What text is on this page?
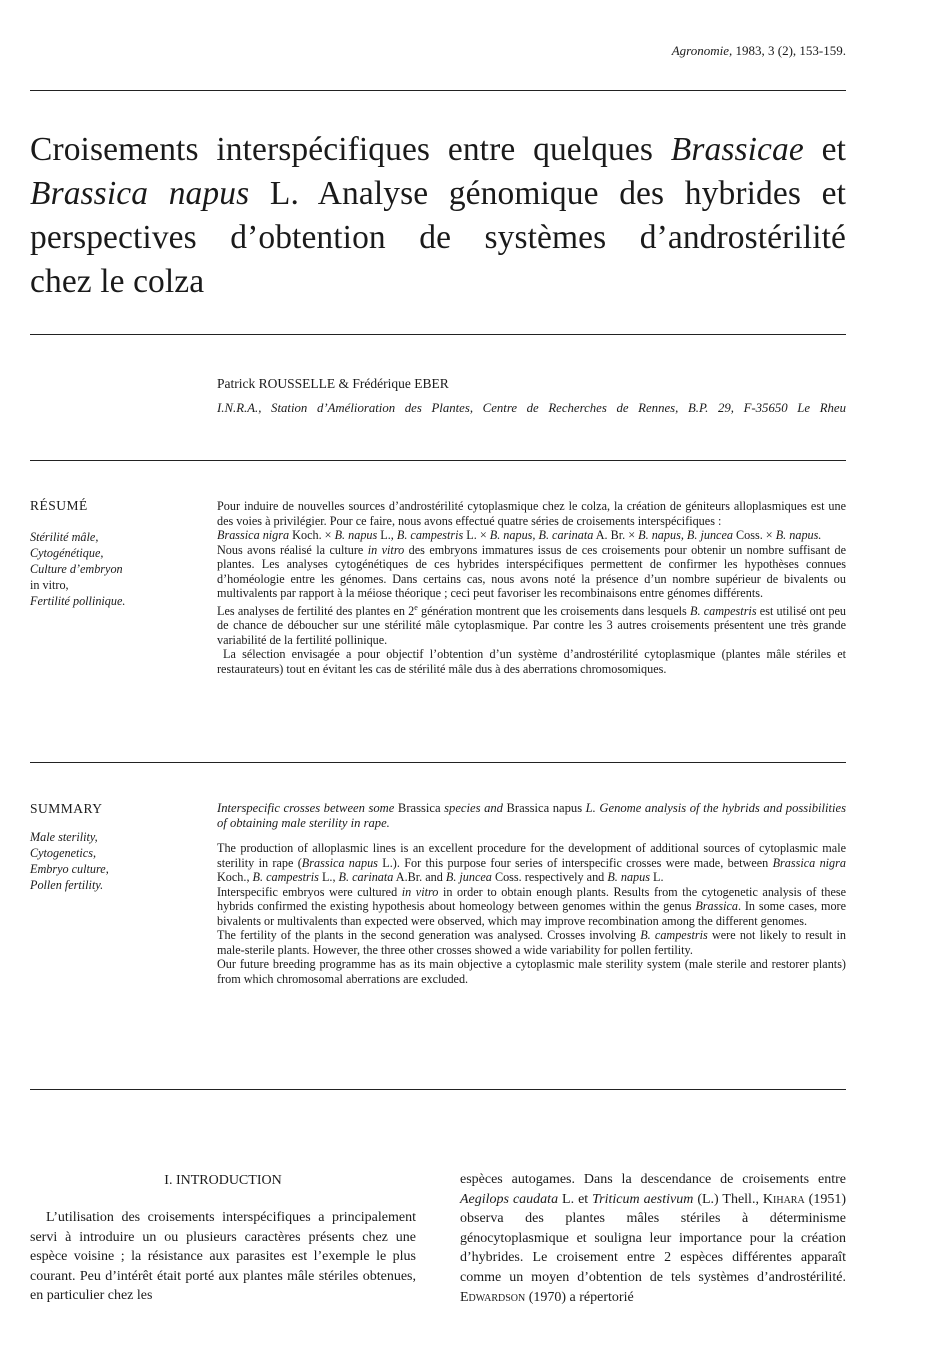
Agronomie, 1983, 3 (2), 153-159.
Croisements interspécifiques entre quelques Brassicae et
Brassica napus L. Analyse génomique des hybrides et
perspectives d’obtention de systèmes d’androstérilité
chez le colza
Patrick ROUSSELLE & Frédérique EBER
I.N.R.A., Station d’Amélioration des Plantes, Centre de Recherches de Rennes, B.P. 29, F-35650 Le Rheu
RÉSUMÉ
Stérilité mâle,
Cytogénétique,
Culture d’embryon
in vitro,
Fertilité pollinique.

Pour induire de nouvelles sources d’androstérilité cytoplasmique chez le colza, la création de géniteurs alloplasmiques est une des voies à privilégier. Pour ce faire, nous avons effectué quatre séries de croisements interspécifiques :

Brassica nigra Koch. × B. napus L., B. campestris L. × B. napus, B. carinata A. Br. × B. napus, B. juncea Coss. × B. napus.

Nous avons réalisé la culture in vitro des embryons immatures issus de ces croisements pour obtenir un nombre suffisant de plantes. Les analyses cytogénétiques de ces hybrides interspécifiques permettent de confirmer les hypothèses connues d’homéologie entre les génomes. Dans certains cas, nous avons noté la présence d’un nombre supérieur de bivalents ou multivalents par rapport à la méiose théorique ; ceci peut favoriser les recombinaisons entre génomes différents.

Les analyses de fertilité des plantes en 2e génération montrent que les croisements dans lesquels B. campestris est utilisé ont peu de chance de déboucher sur une stérilité mâle cytoplasmique. Par contre les 3 autres croisements présentent une très grande variabilité de la fertilité pollinique.

La sélection envisagée a pour objectif l’obtention d’un système d’androstérilité cytoplasmique (plantes mâle stériles et restaurateurs) tout en évitant les cas de stérilité mâle dus à des aberrations chromosomiques.

SUMMARY
Male sterility,
Cytogenetics,
Embryo culture,
Pollen fertility.

Interspecific crosses between some Brassica species and Brassica napus L. Genome analysis of the hybrids and possibilities of obtaining male sterility in rape.

The production of alloplasmic lines is an excellent procedure for the development of additional sources of cytoplasmic male sterility in rape (Brassica napus L.). For this purpose four series of interspecific crosses were made, between Brassica nigra Koch., B. campestris L., B. carinata A.Br. and B. juncea Coss. respectively and B. napus L.

Interspecific embryos were cultured in vitro in order to obtain enough plants. Results from the cytogenetic analysis of these hybrids confirmed the existing hypothesis about homeology between genomes within the genus Brassica. In some cases, more bivalents or multivalents than expected were observed, which may improve recombination among the different genomes.

The fertility of the plants in the second generation was analysed. Crosses involving B. campestris were not likely to result in male-sterile plants. However, the three other crosses showed a wide variability for pollen fertility.

Our future breeding programme has as its main objective a cytoplasmic male sterility system (male sterile and restorer plants) from which chromosomal aberrations are excluded.

I. INTRODUCTION

L’utilisation des croisements interspécifiques a principalement servi à introduire un ou plusieurs caractères présents chez une espèce voisine ; la résistance aux parasites est l’exemple le plus courant. Peu d’intérêt était porté aux plantes mâle stériles obtenues, en particulier chez les

espèces autogames. Dans la descendance de croisements entre Aegilops caudata L. et Triticum aestivum (L.) Thell., Kihara (1951) observa des plantes mâles stériles à déterminisme génocytoplasmique et souligna leur importance pour la création d’hybrides. Le croisement entre 2 espèces différentes apparaît comme un moyen d’obtention de tels systèmes d’androstérilité. Edwardson (1970) a répertorié
